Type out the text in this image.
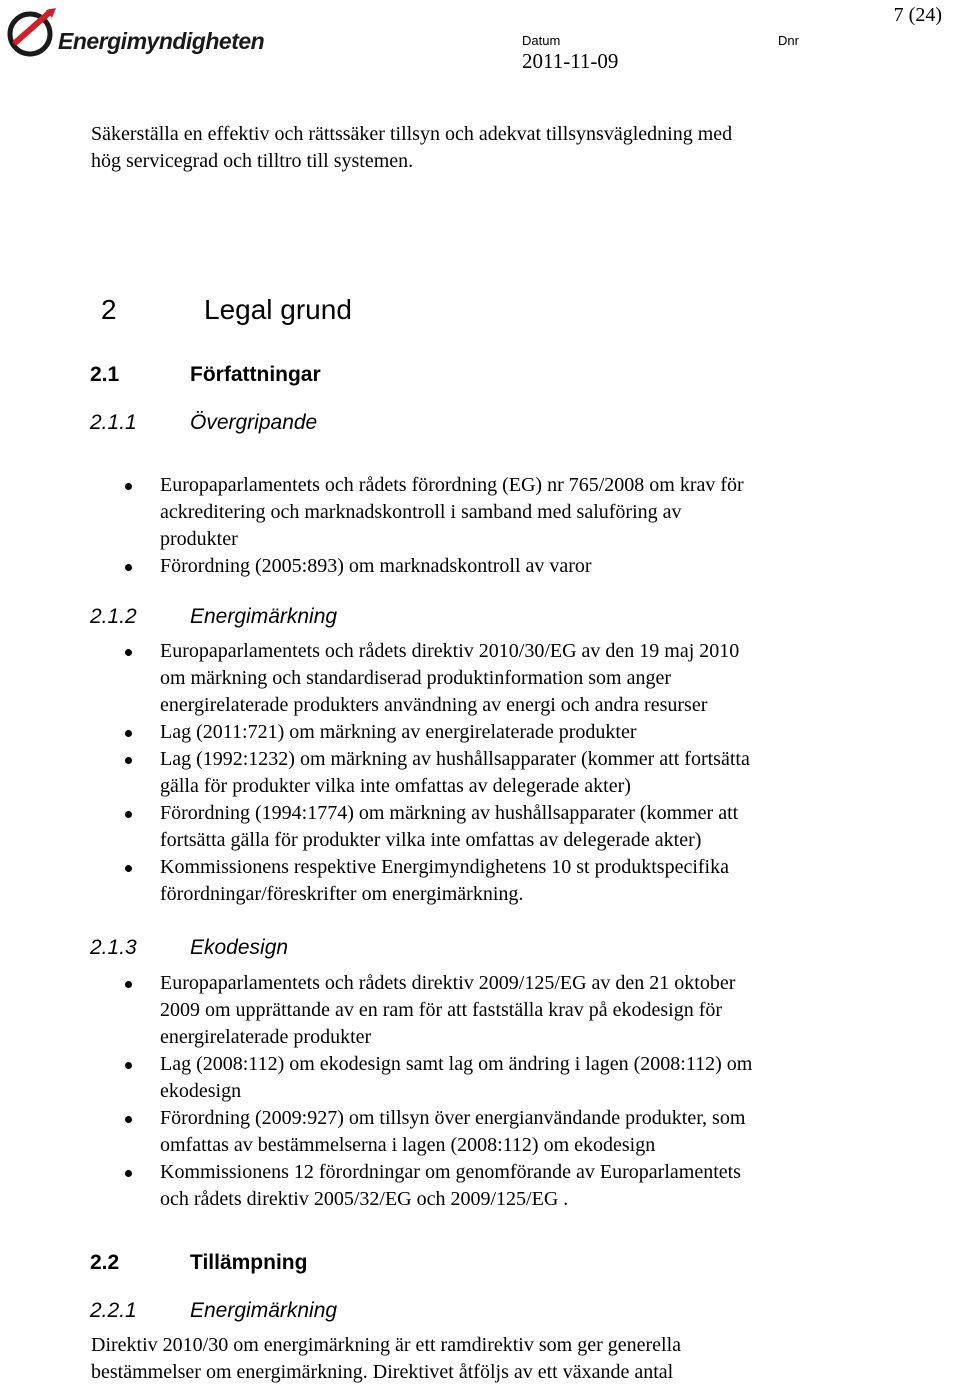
Energimyndigheten	Datum
2011-11-09
Dnr
7 (24)
Säkerställa en effektiv och rättssäker tillsyn och adekvat tillsynsvägledning med
hög servicegrad och tilltro till systemen.
2	Legal grund
2.1	Författningar
2.1.1	Övergripande
Europaparlamentets och rådets förordning (EG) nr 765/2008 om krav för
ackreditering och marknadskontroll i samband med saluföring av
produkter
Förordning (2005:893) om marknadskontroll av varor
2.1.2	Energimärkning
Europaparlamentets och rådets direktiv 2010/30/EG av den 19 maj 2010
om märkning och standardiserad produktinformation som anger
energirelaterade produkters användning av energi och andra resurser
Lag (2011:721) om märkning av energirelaterade produkter
Lag (1992:1232) om märkning av hushållsapparater (kommer att fortsätta
gälla för produkter vilka inte omfattas av delegerade akter)
Förordning (1994:1774) om märkning av hushållsapparater (kommer att
fortsätta gälla för produkter vilka inte omfattas av delegerade akter)
Kommissionens respektive Energimyndighetens 10 st produktspecifika
förordningar/föreskrifter om energimärkning.
2.1.3	Ekodesign
Europaparlamentets och rådets direktiv 2009/125/EG av den 21 oktober
2009 om upprättande av en ram för att fastställa krav på ekodesign för
energirelaterade produkter
Lag (2008:112) om ekodesign samt lag om ändring i lagen (2008:112) om
ekodesign
Förordning (2009:927) om tillsyn över energianvändande produkter, som
omfattas av bestämmelserna i lagen (2008:112) om ekodesign
Kommissionens 12 förordningar om genomförande av Europarlamentets
och rådets direktiv 2005/32/EG och 2009/125/EG .
2.2	Tillämpning
2.2.1	Energimärkning
Direktiv 2010/30 om energimärkning är ett ramdirektiv som ger generella
bestämmelser om energimärkning. Direktivet åtföljs av ett växande antal
